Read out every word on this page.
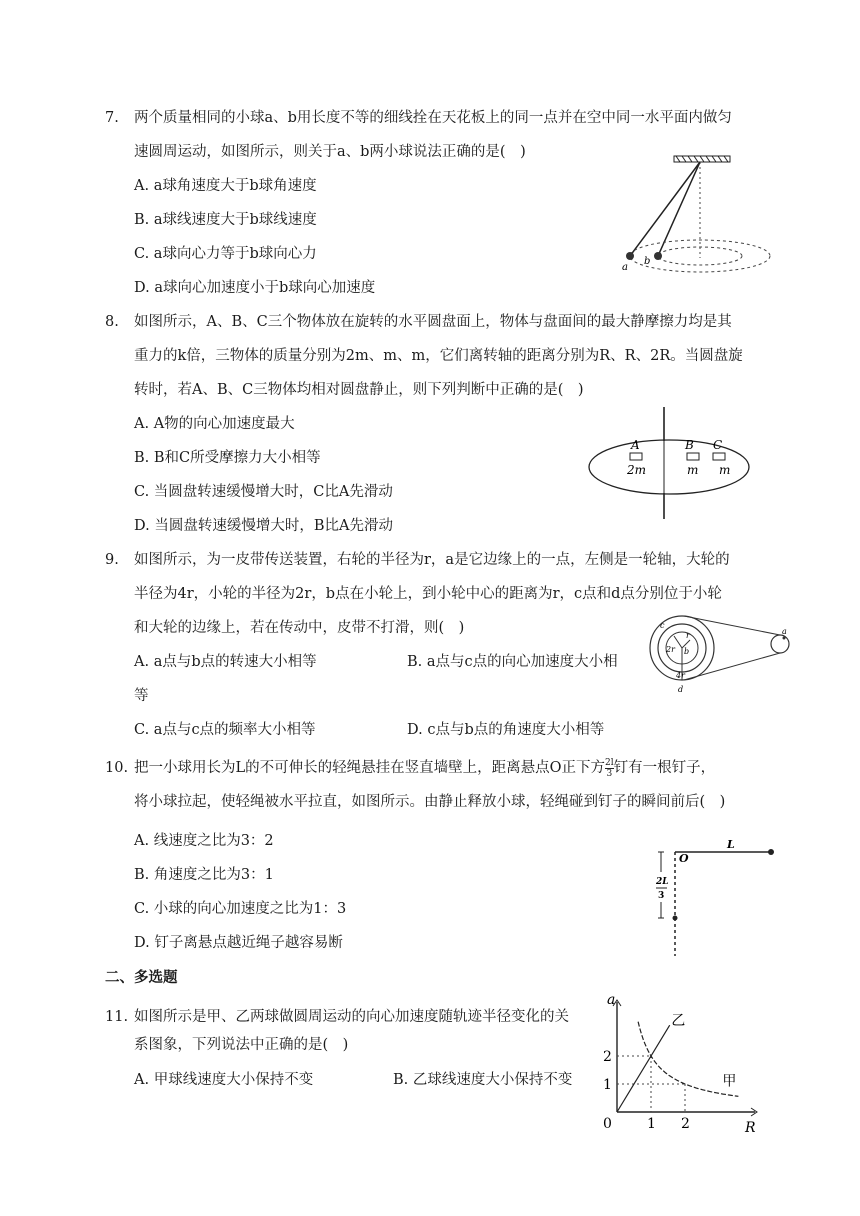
7. 两个质量相同的小球a、b用长度不等的细线拴在天花板上的同一点并在空中同一水平面内做匀
速圆周运动，如图所示，则关于a、b两小球说法正确的是(　)
A. a球角速度大于b球角速度
B. a球线速度大于b球线速度
C. a球向心力等于b球向心力
D. a球向心加速度小于b球向心加速度
a
b
8. 如图所示，A、B、C三个物体放在旋转的水平圆盘面上，物体与盘面间的最大静摩擦力均是其
重力的k倍，三物体的质量分别为2m、m、m，它们离转轴的距离分别为R、R、2R。当圆盘旋
转时，若A、B、C三物体均相对圆盘静止，则下列判断中正确的是(　)
A. A物的向心加速度最大
B. B和C所受摩擦力大小相等
C. 当圆盘转速缓慢增大时，C比A先滑动
D. 当圆盘转速缓慢增大时，B比A先滑动
A	B C
2m	m m
9. 如图所示，为一皮带传送装置，右轮的半径为r，a是它边缘上的一点，左侧是一轮轴，大轮的
半径为4r，小轮的半径为2r，b点在小轮上，到小轮中心的距离为r，c点和d点分别位于小轮
和大轮的边缘上，若在传动中，皮带不打滑，则(　)
A. a点与b点的转速大小相等	B. a点与c点的向心加速度大小相
等
C. a点与c点的频率大小相等	D. c点与b点的角速度大小相等
c
2r
r
b
4r
d
a
10. 把一小球用长为L的不可伸长的轻绳悬挂在竖直墙壁上，距离悬点O正下方 $\frac{2l}{3}$ 钉有一根钉子，
将小球拉起，使轻绳被水平拉直，如图所示。由静止释放小球，轻绳碰到钉子的瞬间前后(　)
A. 线速度之比为3：2
B. 角速度之比为3：1
C. 小球的向心加速度之比为1：3
D. 钉子离悬点越近绳子越容易断
O
L
2L
3
二、多选题
11. 如图所示是甲、乙两球做圆周运动的向心加速度随轨迹半径变化的关
系图象，下列说法中正确的是(　)
A. 甲球线速度大小保持不变	B. 乙球线速度大小保持不变
a
R
0	1 2
1
2
乙
甲
